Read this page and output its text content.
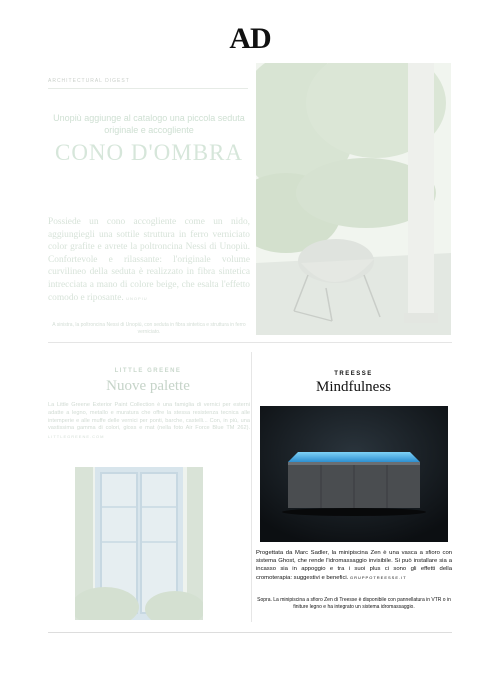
AD
ARCHITECTURAL DIGEST
Unopiù aggiunge al catalogo una piccola seduta originale e accogliente
CONO D'OMBRA
Possiede un cono accogliente come un nido, aggiungiegli una sottile struttura in ferro verniciato color grafite e avrete la poltroncina Nessi di Unopiù. Confortevole e rilassante: l'originale volume curvilineo della seduta è realizzato in fibra sintetica intrecciata a mano di colore beige, che esalta l'effetto comodo e riposante. UNOPIU
A sinistra, la poltroncina Nessi di Unopiù, con seduta in fibra sintetica e struttura in ferro verniciato.
LITTLE GREENE
Nuove palette
La Little Greene Exterior Paint Collection è una famiglia di vernici per esterni adatte a legno, metallo e muratura che offre la stessa resistenza tecnica alle intemperie e alle muffe delle vernici per ponti, barche, castelli... Con, in più, una vastissima gamma di colori, gloss e mat (nella foto Air Force Blue TM 262). LITTLEGREENE.COM
TREESSE
Mindfulness
Progettata da Marc Sadler, la minipiscina Zen è una vasca a sfioro con sistema Ghost, che rende l'idromassaggio invisibile. Si può installare sia a incasso sia in appoggio e tra i suoi plus ci sono gli effetti della cromoterapia: suggestivi e benefici. GRUPPOTREESSE.IT
Sopra. La minipiscina a sfioro Zen di Treesse è disponibile con pannellatura in VTR o in finiture legno e ha integrato un sistema idromassaggio.
